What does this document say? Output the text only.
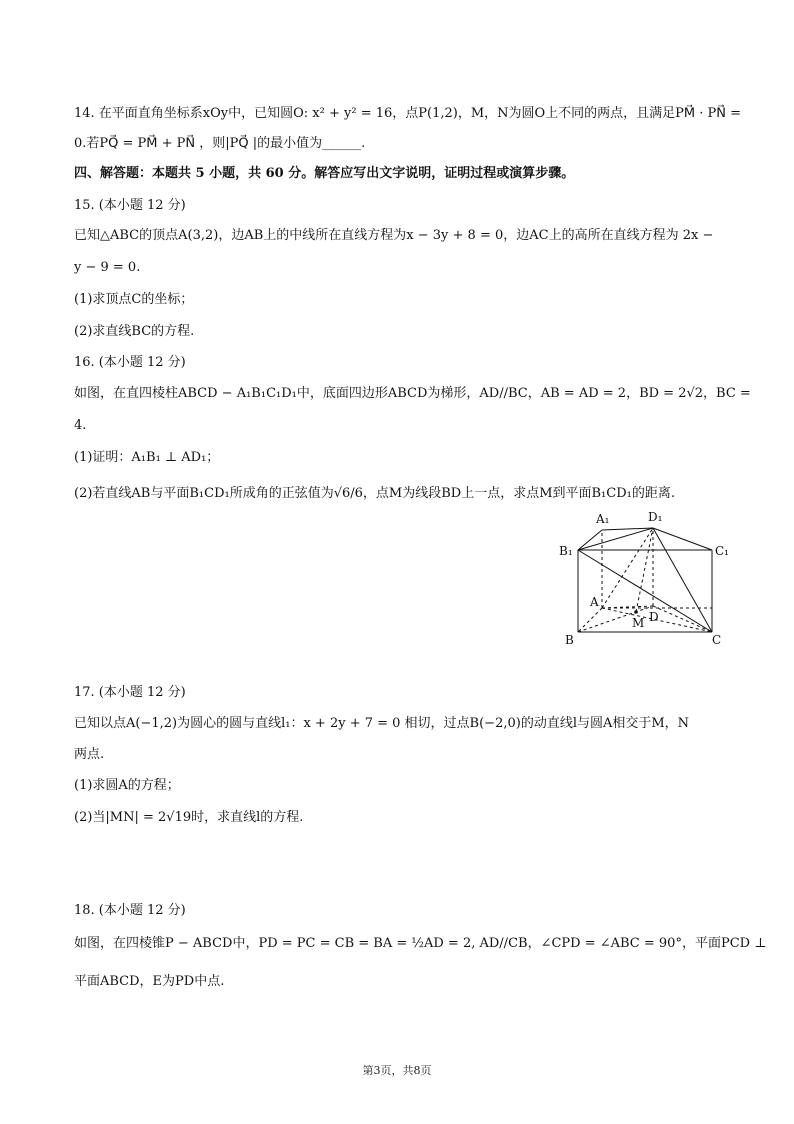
14. 在平面直角坐标系xOy中，已知圆O: x² + y² = 16，点P(1,2)，M，N为圆O上不同的两点，且满足PM⃗ · PN⃗ =
0.若PQ⃗ = PM⃗ + PN⃗ ，则|PQ⃗ |的最小值为______.
四、解答题：本题共 5 小题，共 60 分。解答应写出文字说明，证明过程或演算步骤。
15. (本小题 12 分)
已知△ABC的顶点A(3,2)，边AB上的中线所在直线方程为x − 3y + 8 = 0，边AC上的高所在直线方程为 2x −
y − 9 = 0.
(1)求顶点C的坐标；
(2)求直线BC的方程.
16. (本小题 12 分)
如图，在直四棱柱ABCD − A₁B₁C₁D₁中，底面四边形ABCD为梯形，AD//BC，AB = AD = 2，BD = 2√2，BC =
4.
(1)证明：A₁B₁ ⊥ AD₁；
(2)若直线AB与平面B₁CD₁所成角的正弦值为√6/6，点M为线段BD上一点，求点M到平面B₁CD₁的距离.
A₁	D₁
B₁	C₁
A
D
M
B	C
17. (本小题 12 分)
已知以点A(−1,2)为圆心的圆与直线l₁：x + 2y + 7 = 0 相切，过点B(−2,0)的动直线l与圆A相交于M，N
两点.
(1)求圆A的方程；
(2)当|MN| = 2√19时，求直线l的方程.
18. (本小题 12 分)
如图，在四棱锥P − ABCD中，PD = PC = CB = BA = ½AD = 2, AD//CB，∠CPD = ∠ABC = 90°，平面PCD ⊥
平面ABCD，E为PD中点.
第3页，共8页
